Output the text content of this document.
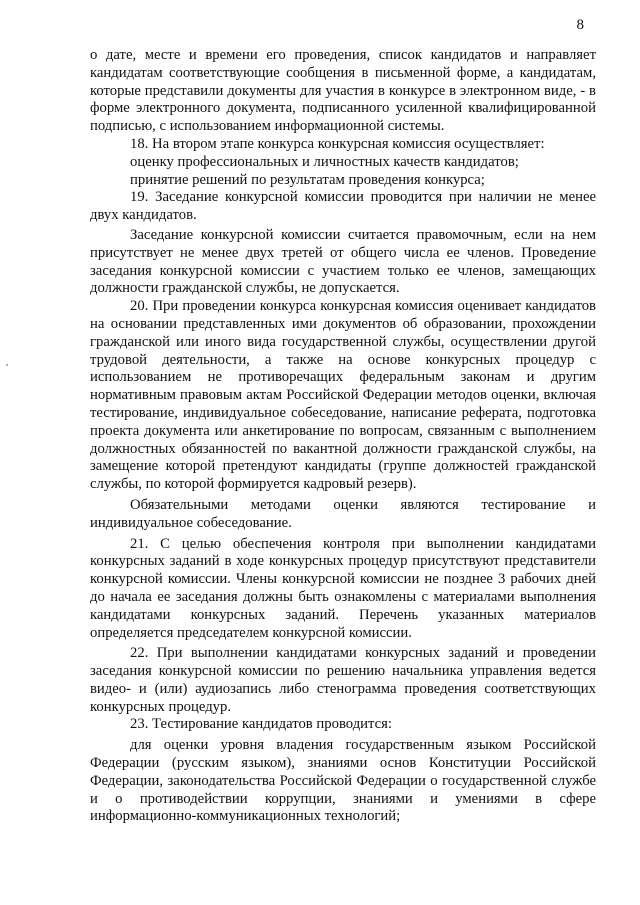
8

о дате, месте и времени его проведения, список кандидатов и направляет кандидатам соответствующие сообщения в письменной форме, а кандидатам, которые представили документы для участия в конкурсе в электронном виде, - в форме электронного документа, подписанного усиленной квалифицированной подписью, с использованием информационной системы.

18. На втором этапе конкурса конкурсная комиссия осуществляет:

оценку профессиональных и личностных качеств кандидатов;

принятие решений по результатам проведения конкурса;

19. Заседание конкурсной комиссии проводится при наличии не менее двух кандидатов.

Заседание конкурсной комиссии считается правомочным, если на нем присутствует не менее двух третей от общего числа ее членов. Проведение заседания конкурсной комиссии с участием только ее членов, замещающих должности гражданской службы, не допускается.

20. При проведении конкурса конкурсная комиссия оценивает кандидатов на основании представленных ими документов об образовании, прохождении гражданской или иного вида государственной службы, осуществлении другой трудовой деятельности, а также на основе конкурсных процедур с использованием не противоречащих федеральным законам и другим нормативным правовым актам Российской Федерации методов оценки, включая тестирование, индивидуальное собеседование, написание реферата, подготовка проекта документа или анкетирование по вопросам, связанным с выполнением должностных обязанностей по вакантной должности гражданской службы, на замещение которой претендуют кандидаты (группе должностей гражданской службы, по которой формируется кадровый резерв).

Обязательными методами оценки являются тестирование и индивидуальное собеседование.

21. С целью обеспечения контроля при выполнении кандидатами конкурсных заданий в ходе конкурсных процедур присутствуют представители конкурсной комиссии. Члены конкурсной комиссии не позднее 3 рабочих дней до начала ее заседания должны быть ознакомлены с материалами выполнения кандидатами конкурсных заданий. Перечень указанных материалов определяется председателем конкурсной комиссии.

22. При выполнении кандидатами конкурсных заданий и проведении заседания конкурсной комиссии по решению начальника управления ведется видео- и (или) аудиозапись либо стенограмма проведения соответствующих конкурсных процедур.

23. Тестирование кандидатов проводится:

для оценки уровня владения государственным языком Российской Федерации (русским языком), знаниями основ Конституции Российской Федерации, законодательства Российской Федерации о государственной службе и о противодействии коррупции, знаниями и умениями в сфере информационно-коммуникационных технологий;
